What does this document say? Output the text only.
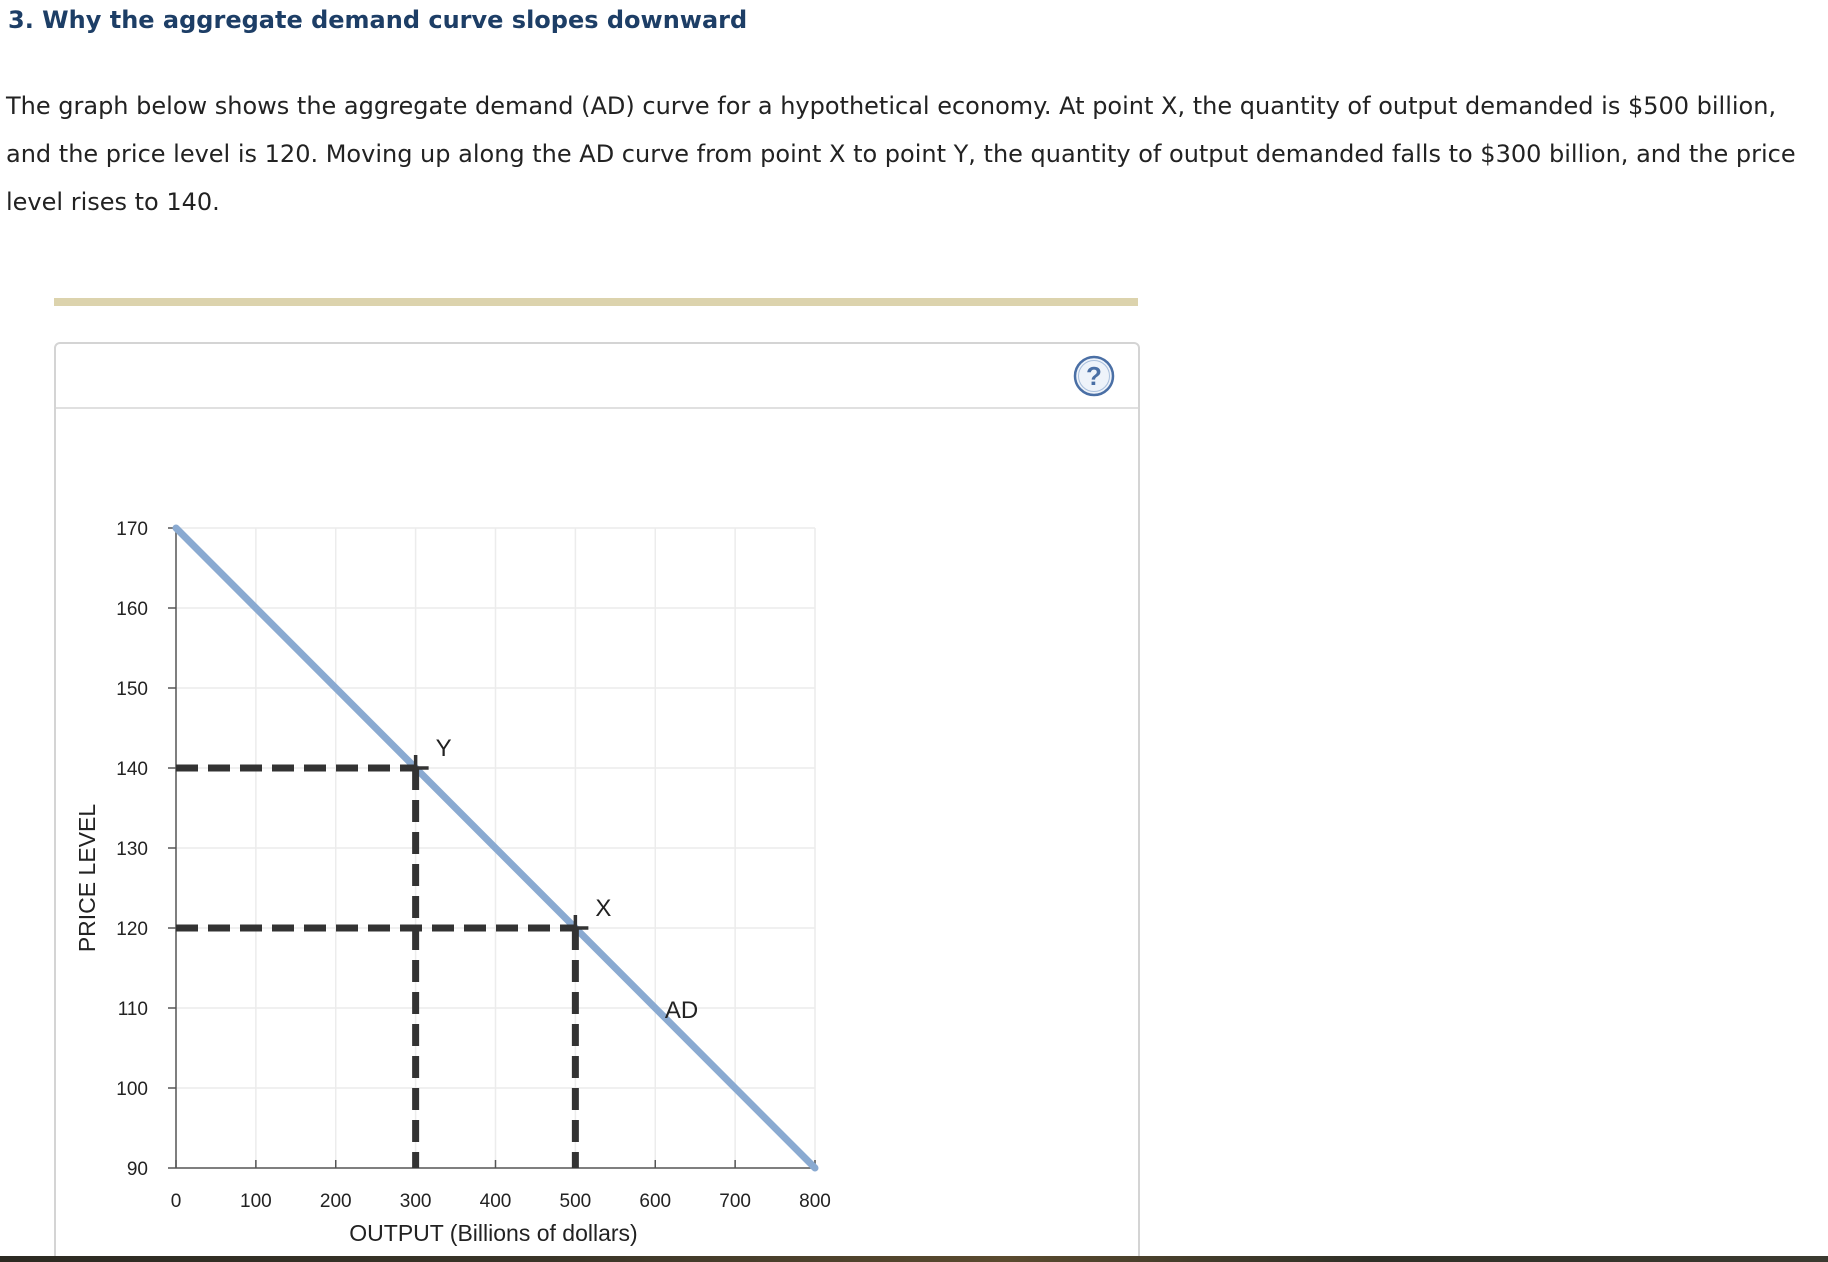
3. Why the aggregate demand curve slopes downward

The graph below shows the aggregate demand (AD) curve for a hypothetical economy. At point X, the quantity of output demanded is $500 billion, and the price level is 120. Moving up along the AD curve from point X to point Y, the quantity of output demanded falls to $300 billion, and the price level rises to 140.

?
90
100
110
120
130
140
150
160
170
0	100	200	300	400	500	600	700	800
OUTPUT (Billions of dollars)
PRICE LEVEL
AD
Y
X
